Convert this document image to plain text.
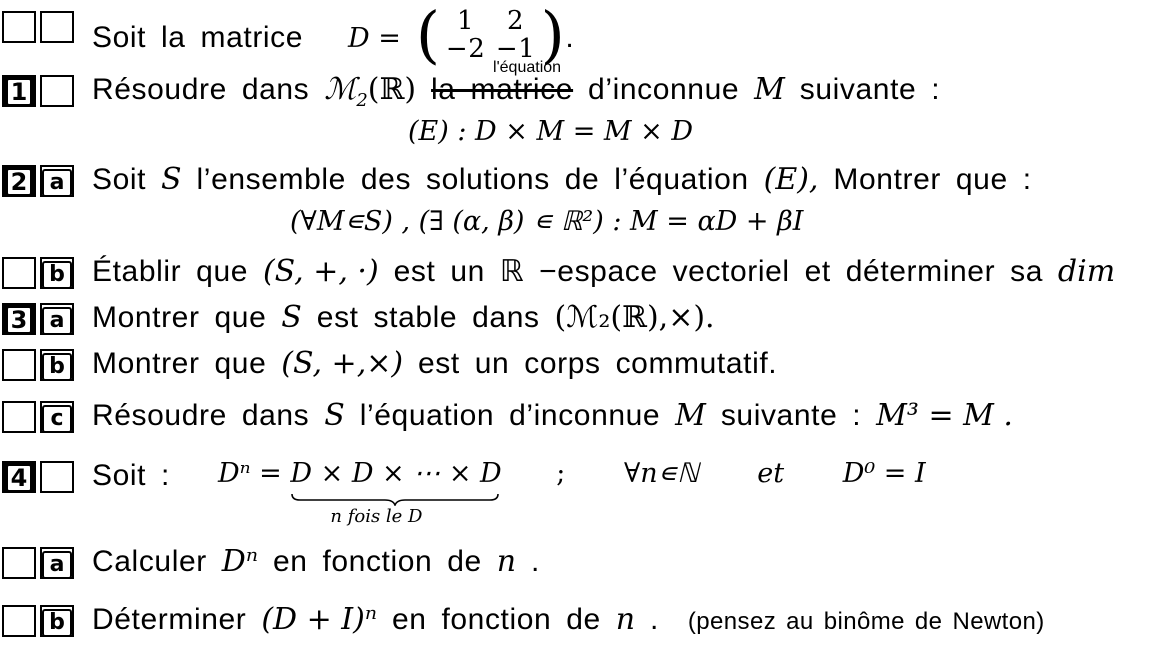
Soit la matrice D = ( 1	2
−2 −1 ).
1 Résoudre dans ℳ$_2$(ℝ) la matrice
l'équation
d’inconnue M suivante :
(E) : D × M = M × D
2	a Soit S l’ensemble des solutions de l’équation (E), Montrer que :
(∀M∊S) , (∃ (α, β) ∊ ℝ²) : M = αD + βI
b Établir que (S, +, ·) est un ℝ −espace vectoriel et déterminer sa dim
3	a Montrer que S est stable dans (ℳ₂(ℝ),×).
b Montrer que (S, +,×) est un corps commutatif.
c Résoudre dans S l’équation d’inconnue M suivante : M³ = M .
4 Soit : Dⁿ = D × D × ⋯ × D
n fois le D
; ∀n∊ℕ et D⁰ = I
a Calculer Dⁿ en fonction de n .
b Déterminer (D + I)ⁿ en fonction de n . (pensez au binôme de Newton)
